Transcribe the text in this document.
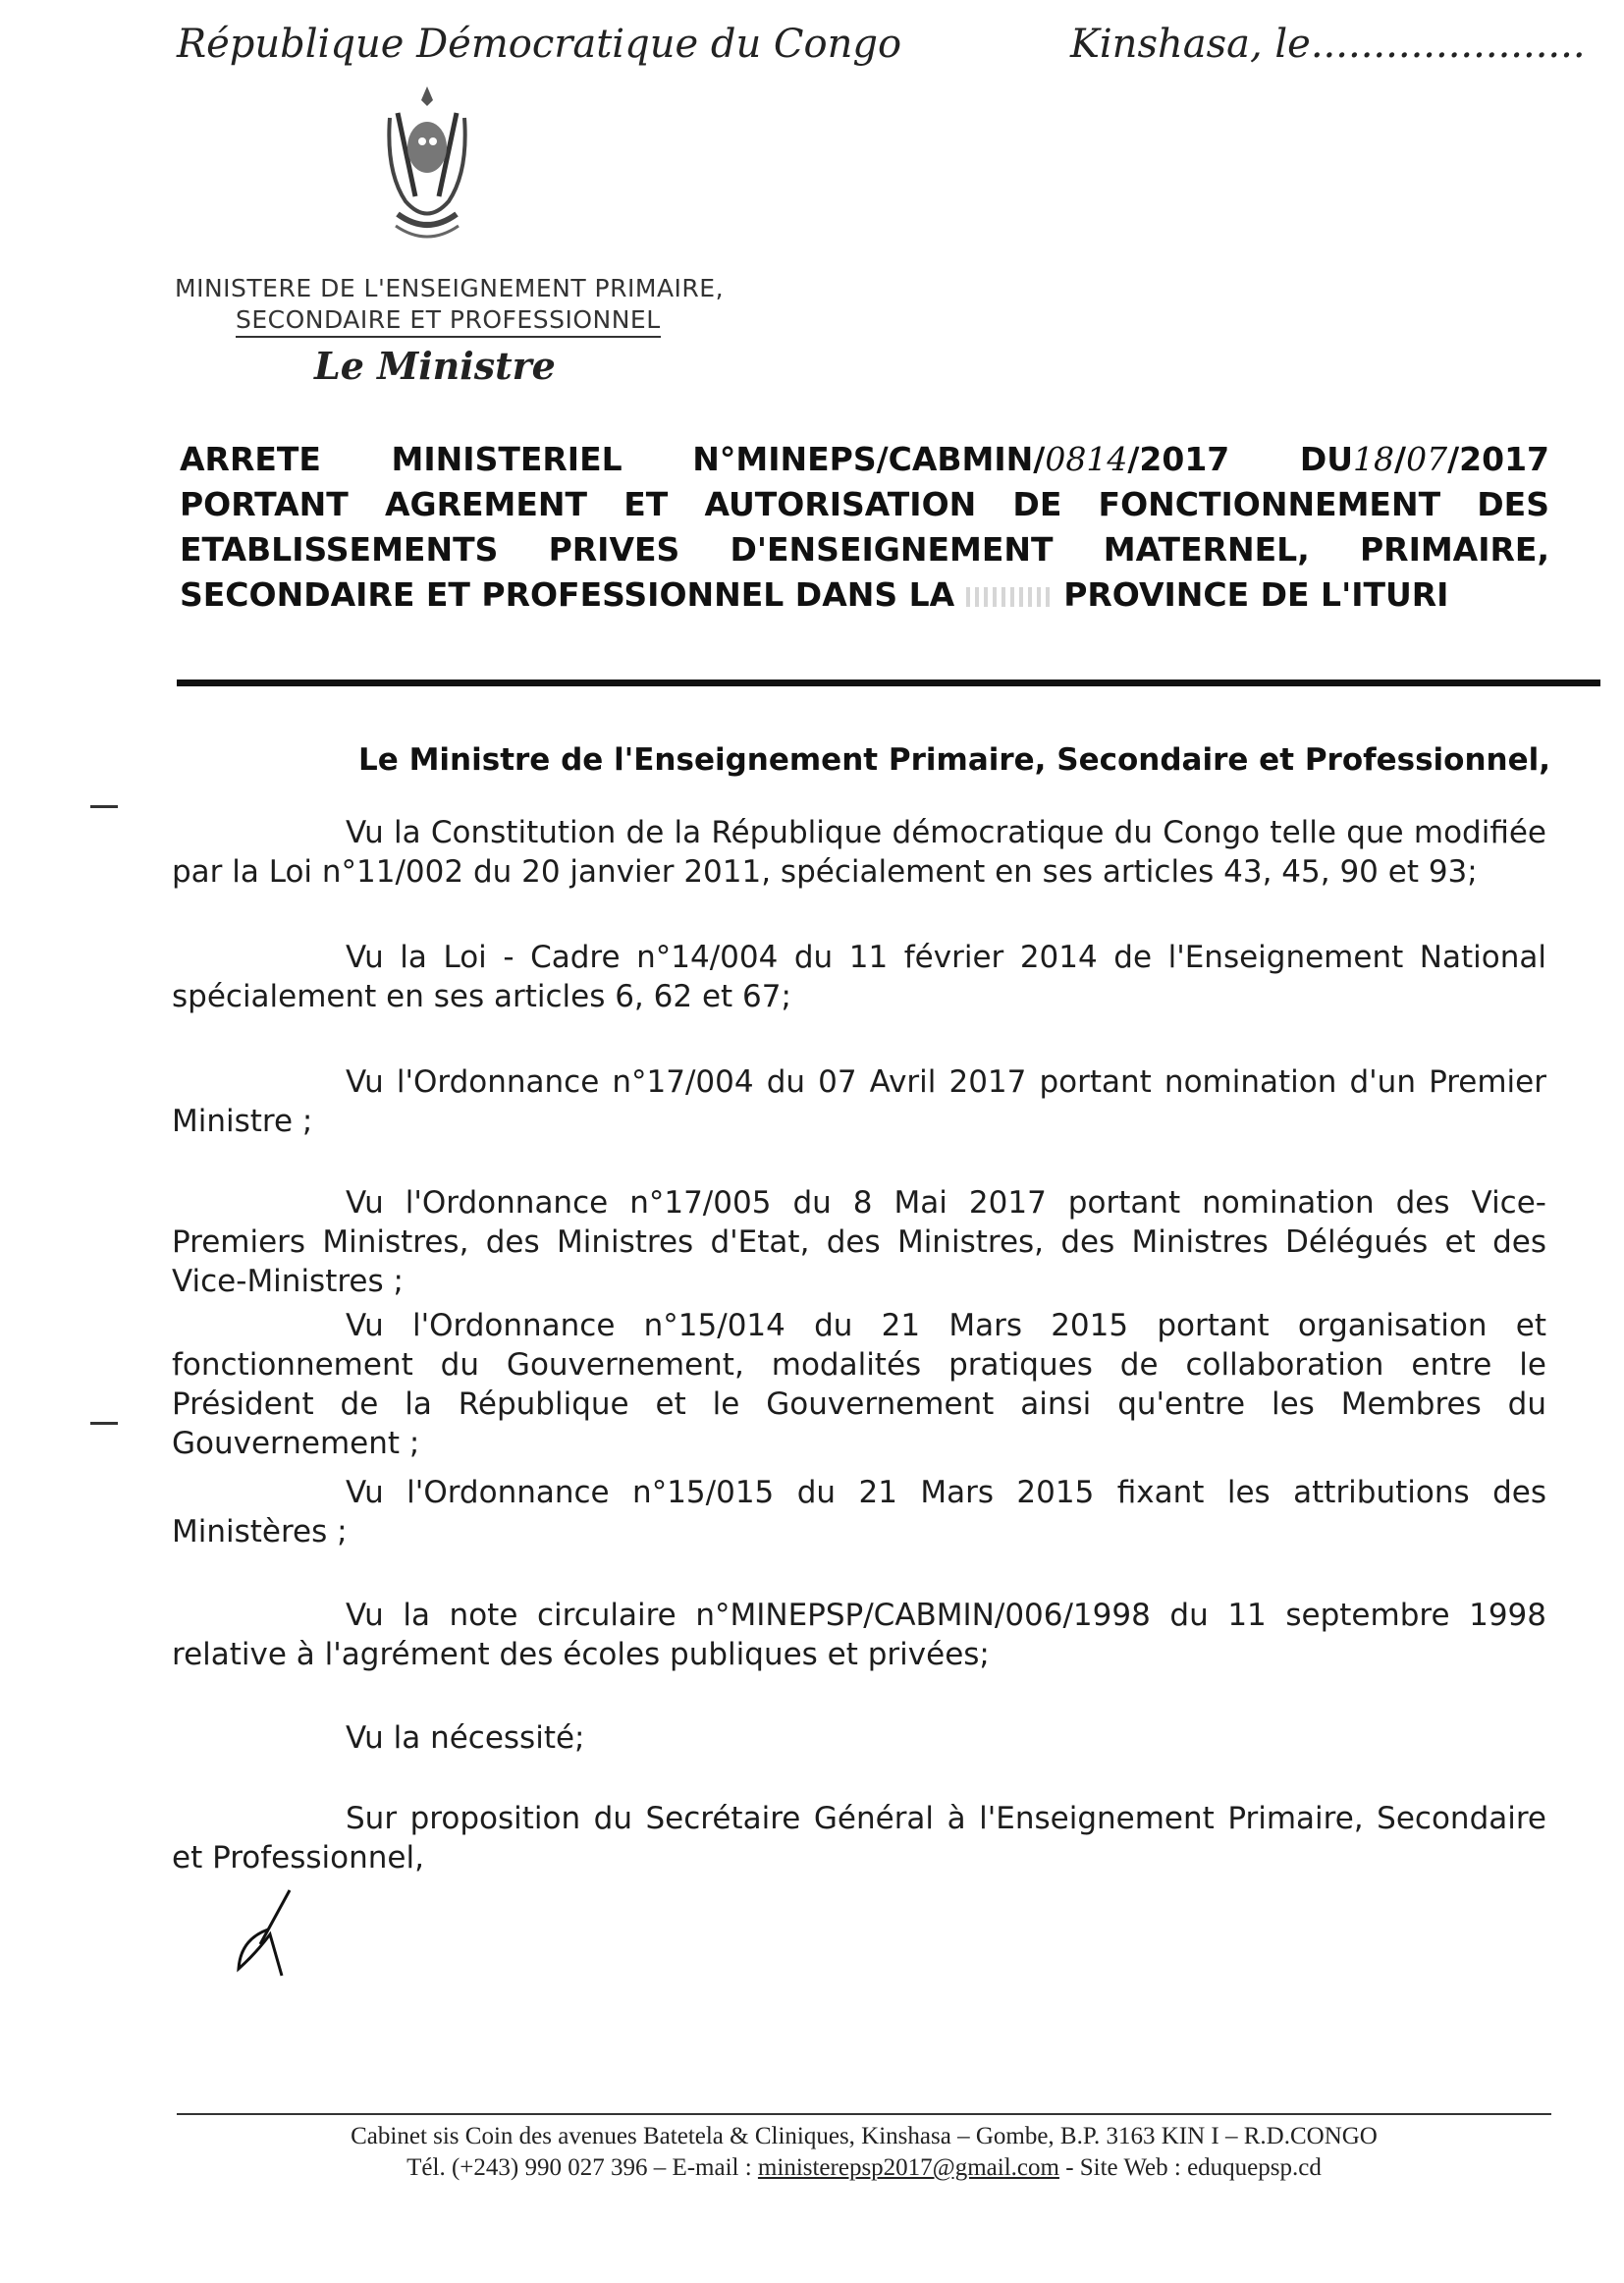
République Démocratique du Congo	Kinshasa, le......................
MINISTERE DE L'ENSEIGNEMENT PRIMAIRE,
SECONDAIRE ET PROFESSIONNEL
Le Ministre
ARRETE MINISTERIEL N°MINEPS/CABMIN/0814/2017 DU18/07/2017
PORTANT AGREMENT ET AUTORISATION DE FONCTIONNEMENT DES
ETABLISSEMENTS PRIVES D'ENSEIGNEMENT MATERNEL, PRIMAIRE,
SECONDAIRE ET PROFESSIONNEL DANS LA	PROVINCE DE L'ITURI
Le Ministre de l'Enseignement Primaire, Secondaire et Professionnel,
Vu la Constitution de la République démocratique du Congo telle que modifiée par la Loi n°11/002 du 20 janvier 2011, spécialement en ses articles 43, 45, 90 et 93;
Vu la Loi - Cadre n°14/004 du 11 février 2014 de l'Enseignement National spécialement en ses articles 6, 62 et 67;
Vu l'Ordonnance n°17/004 du 07 Avril 2017 portant nomination d'un Premier Ministre ;
Vu l'Ordonnance n°17/005 du 8 Mai 2017 portant nomination des Vice-Premiers Ministres, des Ministres d'Etat, des Ministres, des Ministres Délégués et des Vice-Ministres ;
Vu l'Ordonnance n°15/014 du 21 Mars 2015 portant organisation et fonctionnement du Gouvernement, modalités pratiques de collaboration entre le Président de la République et le Gouvernement ainsi qu'entre les Membres du Gouvernement ;
Vu l'Ordonnance n°15/015 du 21 Mars 2015 fixant les attributions des Ministères ;
Vu la note circulaire n°MINEPSP/CABMIN/006/1998 du 11 septembre 1998 relative à l'agrément des écoles publiques et privées;
Vu la nécessité;
Sur proposition du Secrétaire Général à l'Enseignement Primaire, Secondaire et Professionnel,
Cabinet sis Coin des avenues Batetela & Cliniques, Kinshasa – Gombe, B.P. 3163 KIN I – R.D.CONGO
Tél. (+243) 990 027 396 – E-mail : ministerepsp2017@gmail.com - Site Web : eduquepsp.cd
